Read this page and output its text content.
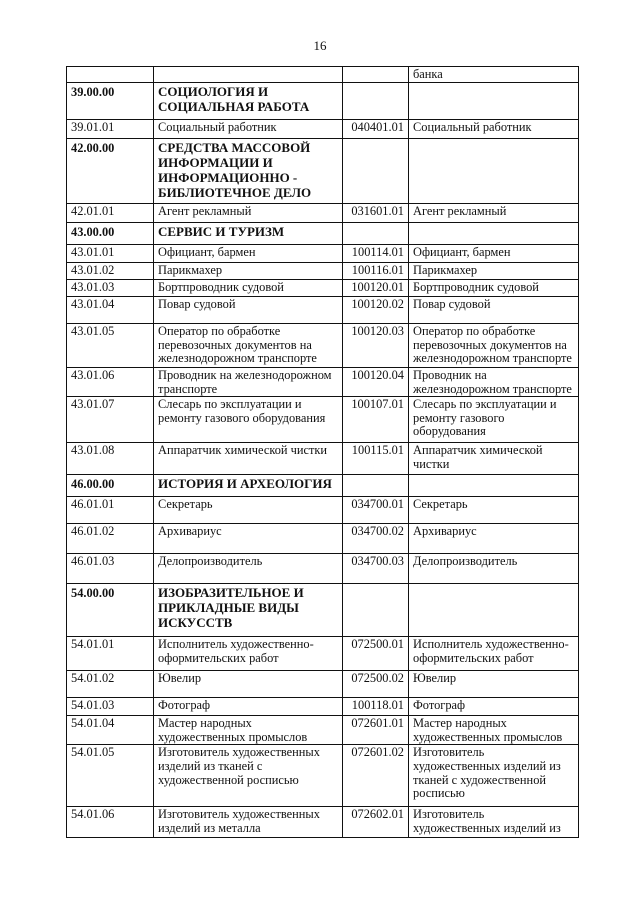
16
			банка
39.00.00	СОЦИОЛОГИЯ И СОЦИАЛЬНАЯ РАБОТА		
39.01.01	Социальный работник	040401.01	Социальный работник
42.00.00	СРЕДСТВА МАССОВОЙ ИНФОРМАЦИИ И ИНФОРМАЦИОННО - БИБЛИОТЕЧНОЕ ДЕЛО		
42.01.01	Агент рекламный	031601.01	Агент рекламный
43.00.00	СЕРВИС И ТУРИЗМ		
43.01.01	Официант, бармен	100114.01	Официант, бармен
43.01.02	Парикмахер	100116.01	Парикмахер
43.01.03	Бортпроводник судовой	100120.01	Бортпроводник судовой
43.01.04	Повар судовой	100120.02	Повар судовой
43.01.05	Оператор по обработке перевозочных документов на железнодорожном транспорте	100120.03	Оператор по обработке перевозочных документов на железнодорожном транспорте
43.01.06	Проводник на железнодорожном транспорте	100120.04	Проводник на железнодорожном транспорте
43.01.07	Слесарь по эксплуатации и ремонту газового оборудования	100107.01	Слесарь по эксплуатации и ремонту газового оборудования
43.01.08	Аппаратчик химической чистки	100115.01	Аппаратчик химической чистки
46.00.00	ИСТОРИЯ И АРХЕОЛОГИЯ		
46.01.01	Секретарь	034700.01	Секретарь
46.01.02	Архивариус	034700.02	Архивариус
46.01.03	Делопроизводитель	034700.03	Делопроизводитель
54.00.00	ИЗОБРАЗИТЕЛЬНОЕ И ПРИКЛАДНЫЕ ВИДЫ ИСКУССТВ		
54.01.01	Исполнитель художественно-оформительских работ	072500.01	Исполнитель художественно-оформительских работ
54.01.02	Ювелир	072500.02	Ювелир
54.01.03	Фотограф	100118.01	Фотограф
54.01.04	Мастер народных художественных промыслов	072601.01	Мастер народных художественных промыслов
54.01.05	Изготовитель художественных изделий из тканей с художественной росписью	072601.02	Изготовитель художественных изделий из тканей с художественной росписью
54.01.06	Изготовитель художественных изделий из металла	072602.01	Изготовитель художественных изделий из
